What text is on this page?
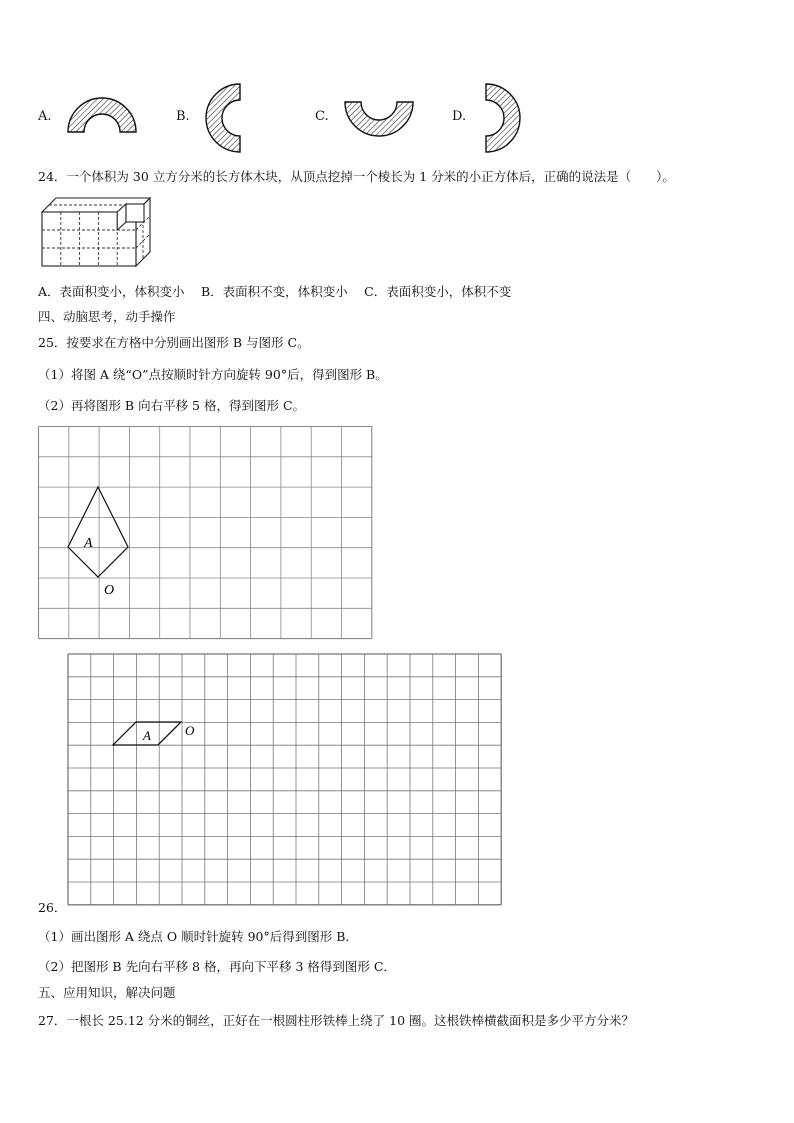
A.	B.	C.	D.
24．一个体积为 30 立方分米的长方体木块，从顶点挖掉一个棱长为 1 分米的小正方体后，正确的说法是（　　）。
A．表面积变小，体积变小　 B．表面积不变，体积变小　 C．表面积变小，体积不变
四、动脑思考，动手操作
25．按要求在方格中分别画出图形 B 与图形 C。
（1）将图 A 绕“O”点按顺时针方向旋转 90°后，得到图形 B。
（2）再将图形 B 向右平移 5 格，得到图形 C。
A
O
A	O
26．
（1）画出图形 A 绕点 O 顺时针旋转 90°后得到图形 B．
（2）把图形 B 先向右平移 8 格，再向下平移 3 格得到图形 C．
五、应用知识，解决问题
27．一根长 25.12 分米的铜丝，正好在一根圆柱形铁棒上绕了 10 圈。这根铁棒横截面积是多少平方分米？
